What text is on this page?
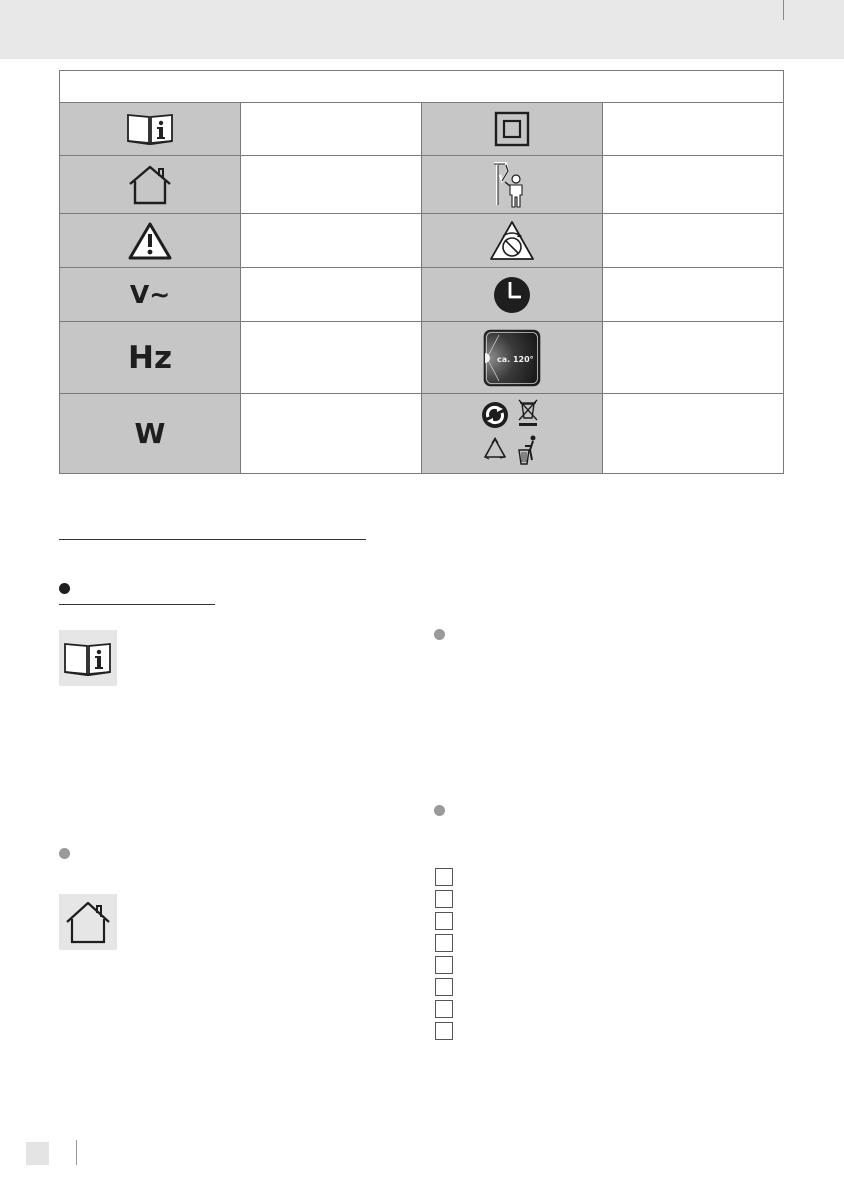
V~			
Hz		ca. 120°	

W			
